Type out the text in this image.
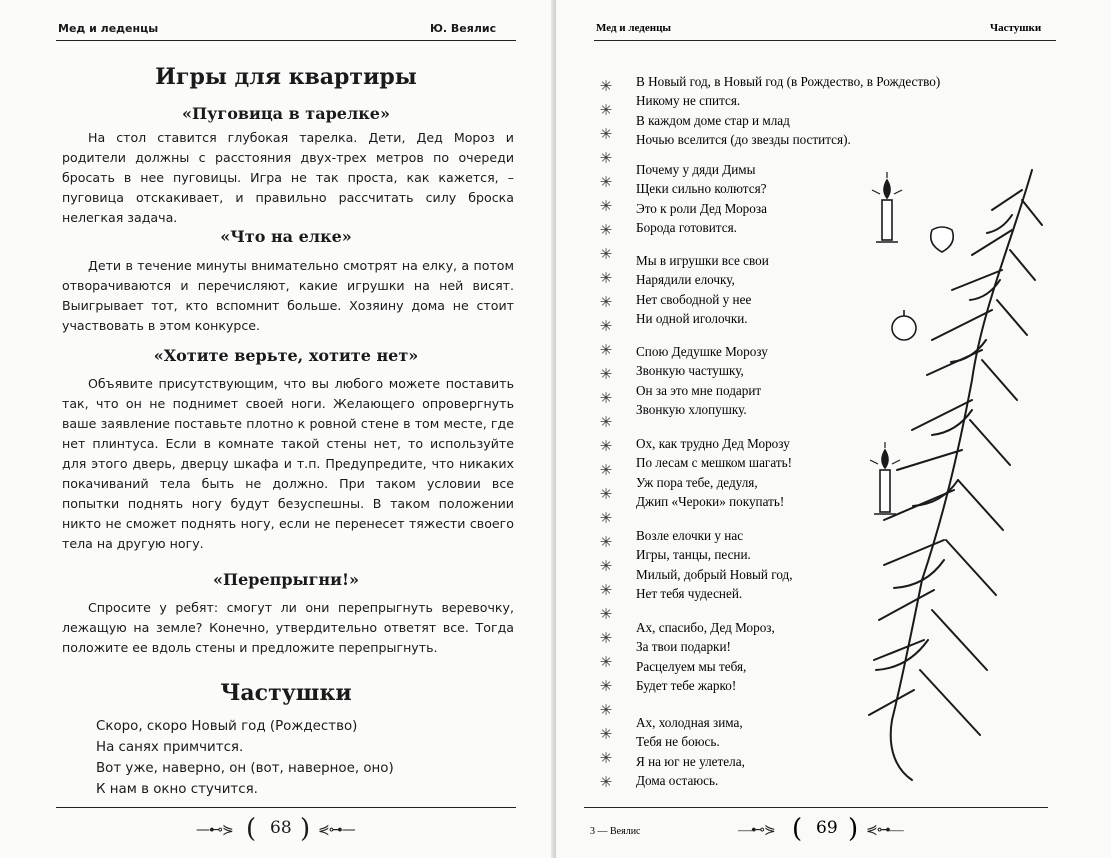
Мед и леденцы	Ю. Веялис
Игры для квартиры
«Пуговица в тарелке»

На стол ставится глубокая тарелка. Дети, Дед Мороз и родители должны с расстояния двух-трех метров по очереди бросать в нее пуговицы. Игра не так проста, как кажется, – пуговица отскакивает, и правильно рассчитать силу броска нелегкая задача.

«Что на елке»

Дети в течение минуты внимательно смотрят на елку, а потом отворачиваются и перечисляют, какие игрушки на ней висят. Выигрывает тот, кто вспомнит больше. Хозяину дома не стоит участвовать в этом конкурсе.

«Хотите верьте, хотите нет»

Объявите присутствующим, что вы любого можете поставить так, что он не поднимет своей ноги. Желающего опровергнуть ваше заявление поставьте плотно к ровной стене в том месте, где нет плинтуса. Если в комнате такой стены нет, то используйте для этого дверь, дверцу шкафа и т.п. Предупредите, что никаких покачиваний тела быть не должно. При таком условии все попытки поднять ногу будут безуспешны. В таком положении никто не сможет поднять ногу, если не перенесет тяжести своего тела на другую ногу.

«Перепрыгни!»

Спросите у ребят: смогут ли они перепрыгнуть веревочку, лежащую на земле? Конечно, утвердительно ответят все. Тогда положите ее вдоль стены и предложите перепрыгнуть.

Частушки
Скоро, скоро Новый год (Рождество)
На санях примчится.
Вот уже, наверно, он (вот, наверное, оно)
К нам в окно стучится.
—⊷⋟ ( 68 ) ⋞⊶—
Мед и леденцы	Частушки
✳
✳
✳
✳
✳
✳
✳
✳
✳
✳
✳
✳
✳
✳
✳
✳
✳
✳
✳
✳
✳
✳
✳
✳
✳
✳
✳
✳
✳
✳
В Новый год, в Новый год (в Рождество, в Рождество)
Никому не спится.
В каждом доме стар и млад
Ночью вселится (до звезды постится).
Почему у дяди Димы
Щеки сильно колются?
Это к роли Дед Мороза
Борода готовится.
Мы в игрушки все свои
Нарядили елочку,
Нет свободной у нее
Ни одной иголочки.
Спою Дедушке Морозу
Звонкую частушку,
Он за это мне подарит
Звонкую хлопушку.
Ох, как трудно Дед Морозу
По лесам с мешком шагать!
Уж пора тебе, дедуля,
Джип «Чероки» покупать!
Возле елочки у нас
Игры, танцы, песни.
Милый, добрый Новый год,
Нет тебя чудесней.
Ах, спасибо, Дед Мороз,
За твои подарки!
Расцелуем мы тебя,
Будет тебе жарко!
Ах, холодная зима,
Тебя не боюсь.
Я на юг не улетела,
Дома остаюсь.
3 — Веялис	—⊷⋟ ( 69 ) ⋞⊶—
